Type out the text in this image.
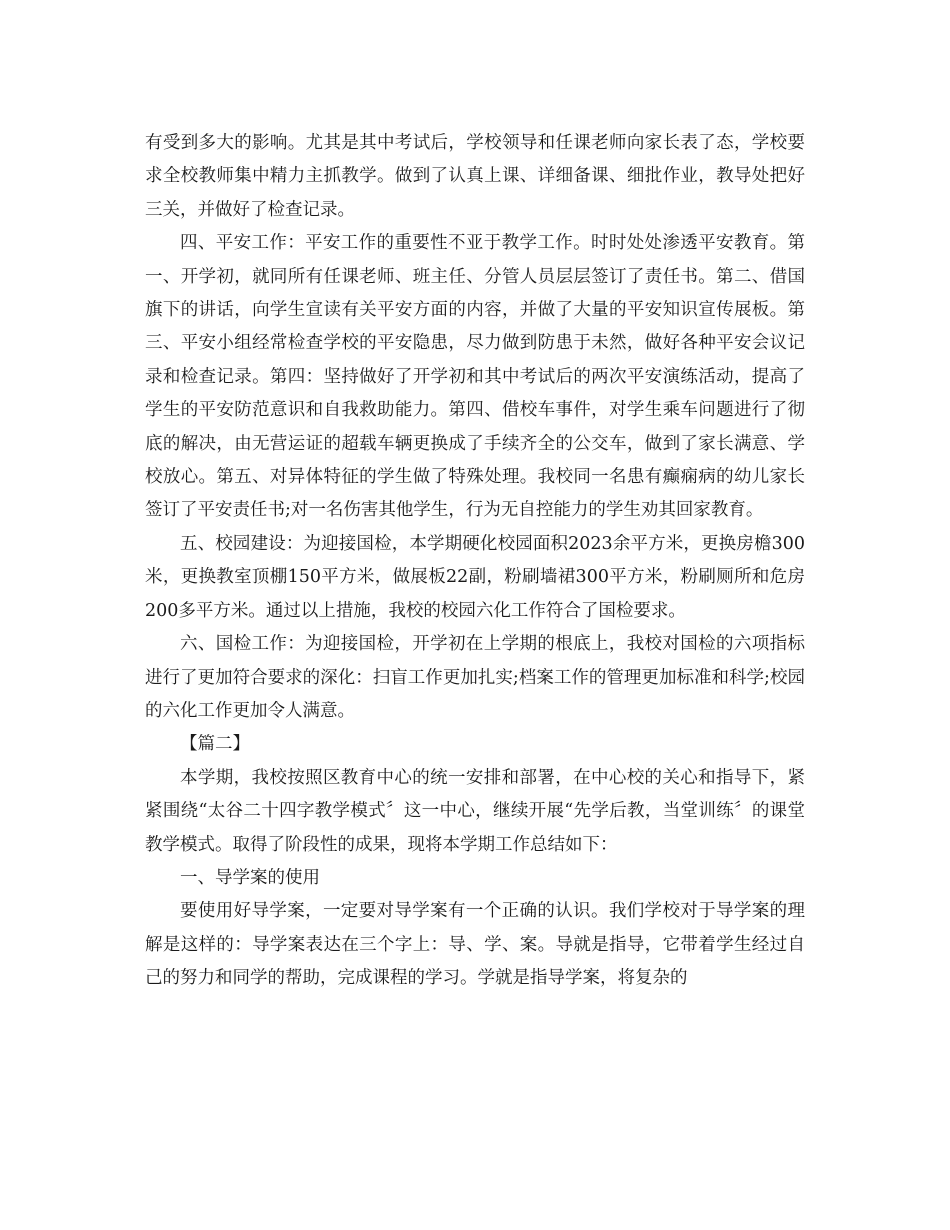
有受到多大的影响。尤其是其中考试后，学校领导和任课老师向家长表了态，学校要求全校教师集中精力主抓教学。做到了认真上课、详细备课、细批作业，教导处把好三关，并做好了检查记录。

四、平安工作：平安工作的重要性不亚于教学工作。时时处处渗透平安教育。第一、开学初，就同所有任课老师、班主任、分管人员层层签订了责任书。第二、借国旗下的讲话，向学生宣读有关平安方面的内容，并做了大量的平安知识宣传展板。第三、平安小组经常检查学校的平安隐患，尽力做到防患于未然，做好各种平安会议记录和检查记录。第四：坚持做好了开学初和其中考试后的两次平安演练活动，提高了学生的平安防范意识和自我救助能力。第四、借校车事件，对学生乘车问题进行了彻底的解决，由无营运证的超载车辆更换成了手续齐全的公交车，做到了家长满意、学校放心。第五、对异体特征的学生做了特殊处理。我校同一名患有癫痫病的幼儿家长签订了平安责任书;对一名伤害其他学生，行为无自控能力的学生劝其回家教育。

五、校园建设：为迎接国检，本学期硬化校园面积2023余平方米，更换房檐300米，更换教室顶棚150平方米，做展板22副，粉刷墙裙300平方米，粉刷厕所和危房200多平方米。通过以上措施，我校的校园六化工作符合了国检要求。

六、国检工作：为迎接国检，开学初在上学期的根底上，我校对国检的六项指标进行了更加符合要求的深化：扫盲工作更加扎实;档案工作的管理更加标准和科学;校园的六化工作更加令人满意。

【篇二】

本学期，我校按照区教育中心的统一安排和部署，在中心校的关心和指导下，紧紧围绕“太谷二十四字教学模式〞这一中心，继续开展“先学后教，当堂训练〞的课堂教学模式。取得了阶段性的成果，现将本学期工作总结如下：

一、导学案的使用

要使用好导学案，一定要对导学案有一个正确的认识。我们学校对于导学案的理解是这样的：导学案表达在三个字上：导、学、案。导就是指导，它带着学生经过自己的努力和同学的帮助，完成课程的学习。学就是指导学案，将复杂的
